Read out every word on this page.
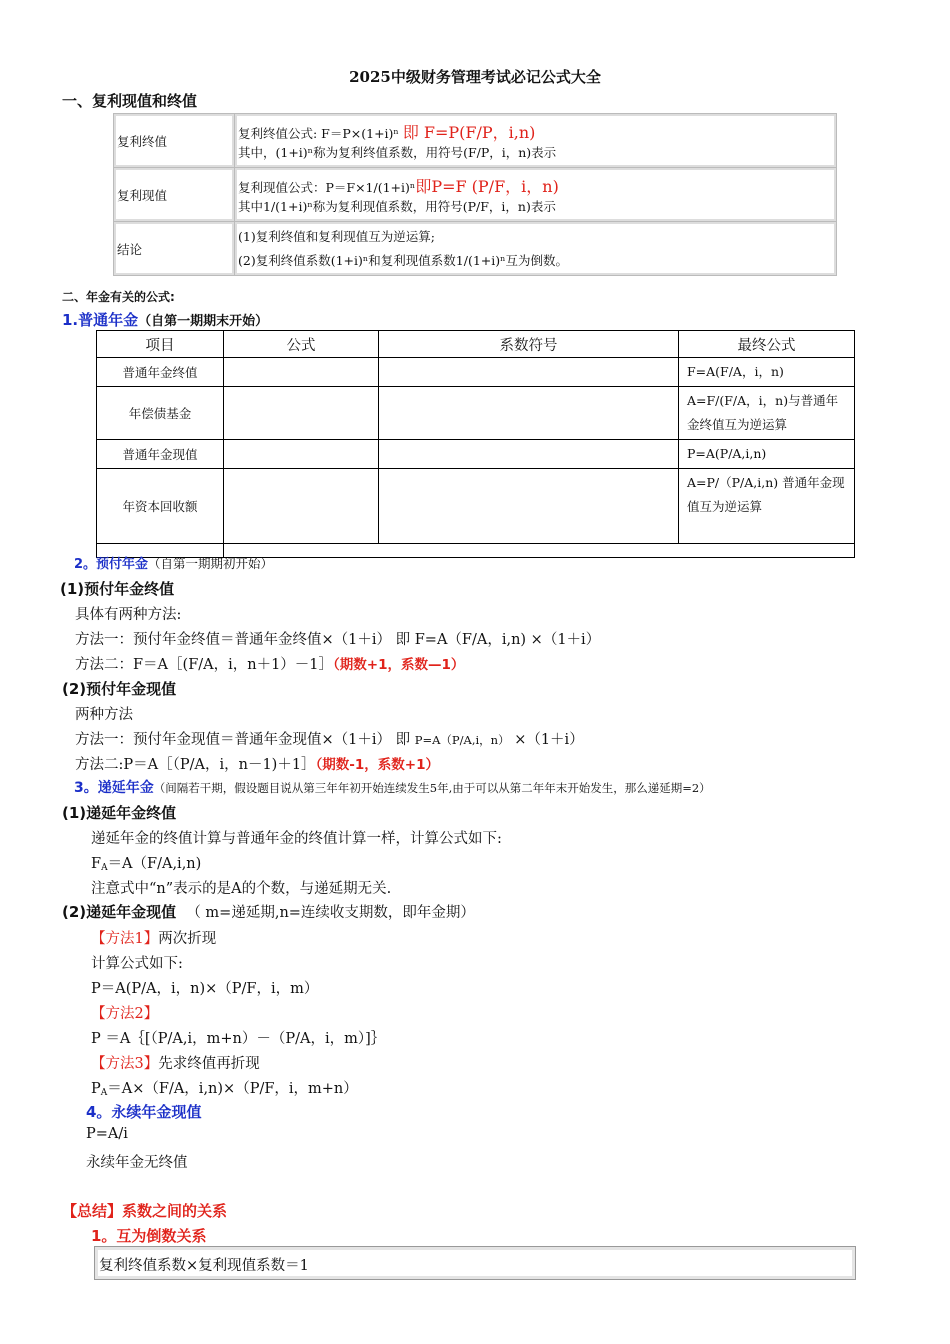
2025中级财务管理考试必记公式大全
一、复利现值和终值
复利终值	复利终值公式: F＝P×(1+i)ⁿ 即 F=P(F/P，i,n)
其中，(1+i)ⁿ称为复利终值系数，用符号(F/P，i，n)表示

复利现值	复利现值公式：P＝F×1/(1+i)ⁿ即P=F (P/F，i，n)
其中1/(1+i)ⁿ称为复利现值系数，用符号(P/F，i，n)表示

结论	(1)复利终值和复利现值互为逆运算;
(2)复利终值系数(1+i)ⁿ和复利现值系数1/(1+i)ⁿ互为倒数。
二、年金有关的公式:
1.普通年金（自第一期期末开始）
项目	公式	系数符号	最终公式
普通年金终值			F=A(F/A，i，n)
年偿债基金			A=F/(F/A，i，n)与普通年金终值互为逆运算
普通年金现值			P=A(P/A,i,n)
年资本回收额			A=P/（P/A,i,n) 普通年金现值互为逆运算

2。预付年金（自第一期期初开始）
(1)预付年金终值
具体有两种方法:
方法一：预付年金终值＝普通年金终值×（1＋i） 即 F=A（F/A，i,n) ×（1＋i）
方法二：F＝A［(F/A，i，n＋1）－1］（期数+1，系数—1）
(2)预付年金现值
两种方法
方法一：预付年金现值＝普通年金现值×（1＋i） 即 P=A（P/A,i，n） ×（1＋i）
方法二:P＝A［（P/A，i，n－1)＋1］（期数-1，系数+1）
3。递延年金（间隔若干期，假设题目说从第三年年初开始连续发生5年,由于可以从第二年年末开始发生，那么递延期=2）
(1)递延年金终值
递延年金的终值计算与普通年金的终值计算一样，计算公式如下:
$F_A=A(F/A,i,n)$
注意式中“n”表示的是A的个数，与递延期无关.
(2)递延年金现值 （ m=递延期,n=连续收支期数，即年金期）
【方法1】两次折现
计算公式如下:
P＝A(P/A，i，n)×（P/F，i，m）
【方法2】
P ＝A｛[（P/A,i，m+n）－（P/A，i，m）]｝
【方法3】先求终值再折现
$P_A=A\times(F/A$，i,n)×（P/F，i，m+n）
4。永续年金现值
P=A/i
永续年金无终值
【总结】系数之间的关系
1。互为倒数关系
复利终值系数×复利现值系数＝1
